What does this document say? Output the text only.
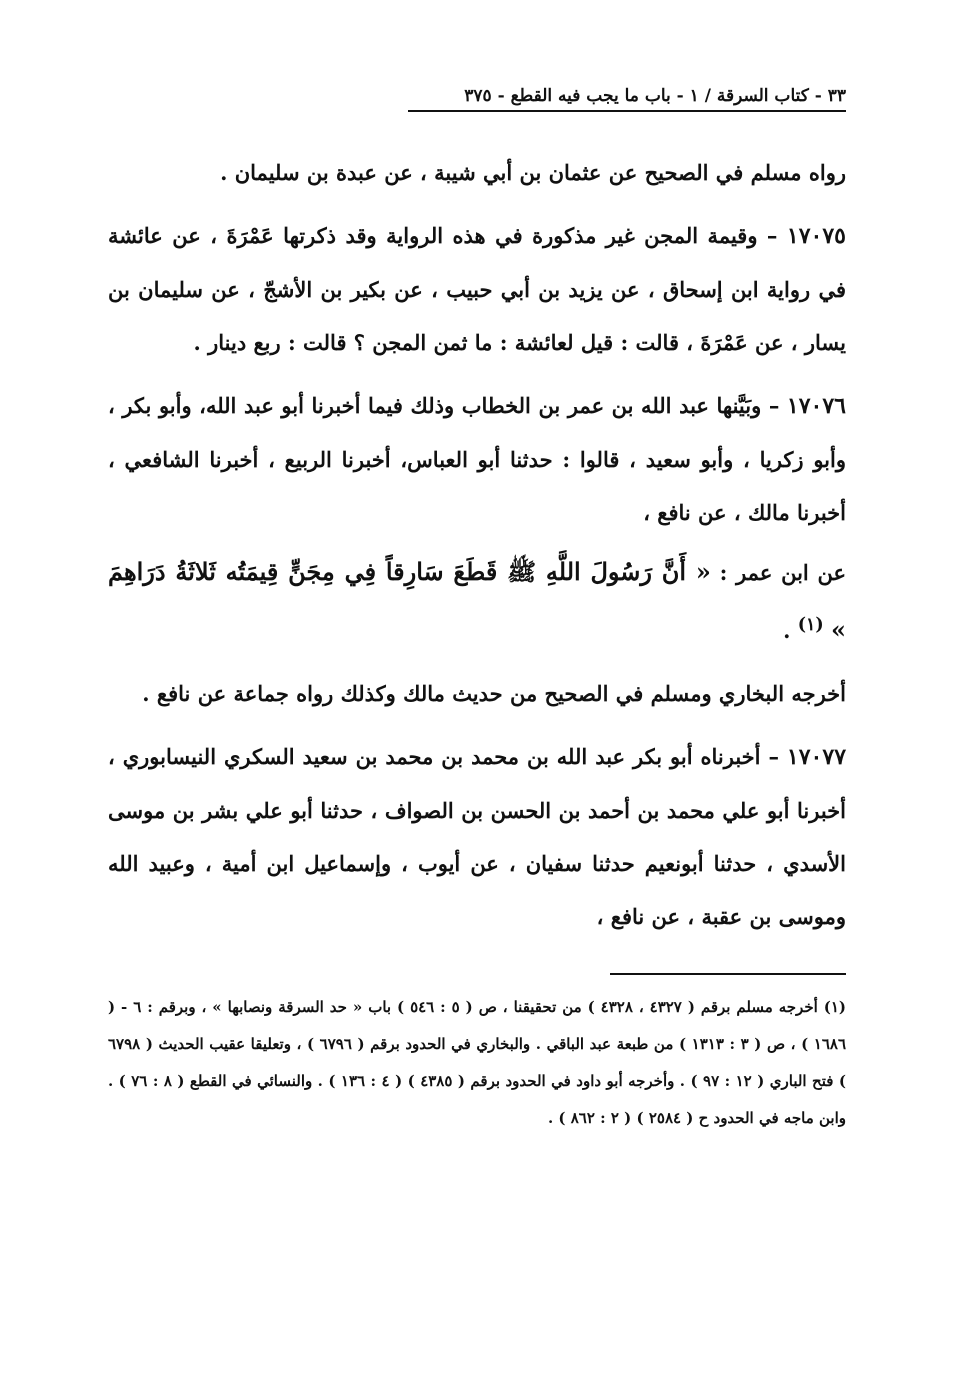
٣٣ - كتاب السرقة / ١ - باب ما يجب فيه القطع - ٣٧٥

رواه مسلم في الصحيح عن عثمان بن أبي شيبة ، عن عبدة بن سليمان .

١٧٠٧٥ – وقيمة المجن غير مذكورة في هذه الرواية وقد ذكرتها عَمْرَةَ ، عن عائشة في رواية ابن إسحاق ، عن يزيد بن أبي حبيب ، عن بكير بن الأشجّ ، عن سليمان بن يسار ، عن عَمْرَةَ ، قالت : قيل لعائشة : ما ثمن المجن ؟ قالت : ربع دينار .

١٧٠٧٦ – وبَيَّنها عبد الله بن عمر بن الخطاب وذلك فيما أخبرنا أبو عبد الله، وأبو بكر ، وأبو زكريا ، وأبو سعيد ، قالوا : حدثنا أبو العباس، أخبرنا الربيع ، أخبرنا الشافعي ، أخبرنا مالك ، عن نافع ،

عن ابن عمر : « أَنَّ رَسُولَ اللَّهِ ﷺ قَطَعَ سَارِقاً فِي مِجَنٍّ قِيمَتُه ثَلاثَةُ دَرَاهِمَ » $^{(١)}$ .

أخرجه البخاري ومسلم في الصحيح من حديث مالك وكذلك رواه جماعة عن نافع .

١٧٠٧٧ – أخبرناه أبو بكر عبد الله بن محمد بن محمد بن سعيد السكري النيسابوري ، أخبرنا أبو علي محمد بن أحمد بن الحسن بن الصواف ، حدثنا أبو علي بشر بن موسى الأسدي ، حدثنا أبونعيم حدثنا سفيان ، عن أيوب ، وإسماعيل ابن أمية ، وعبيد الله وموسى بن عقبة ، عن نافع ،

(١) أخرجه مسلم برقم ( ٤٣٢٧ ، ٤٣٢٨ ) من تحقيقنا ، ص ( ٥ : ٥٤٦ ) باب « حد السرقة ونصابها » ، وبرقم : ٦ - ( ١٦٨٦ ) ، ص ( ٣ : ١٣١٣ ) من طبعة عبد الباقي . والبخاري في الحدود برقم ( ٦٧٩٦ ) ، وتعليقا عقيب الحديث ( ٦٧٩٨ ) فتح الباري ( ١٢ : ٩٧ ) . وأخرجه أبو داود في الحدود برقم ( ٤٣٨٥ ) ( ٤ : ١٣٦ ) . والنسائي في القطع ( ٨ : ٧٦ ) . وابن ماجه في الحدود ح ( ٢٥٨٤ ) ( ٢ : ٨٦٢ ) .
